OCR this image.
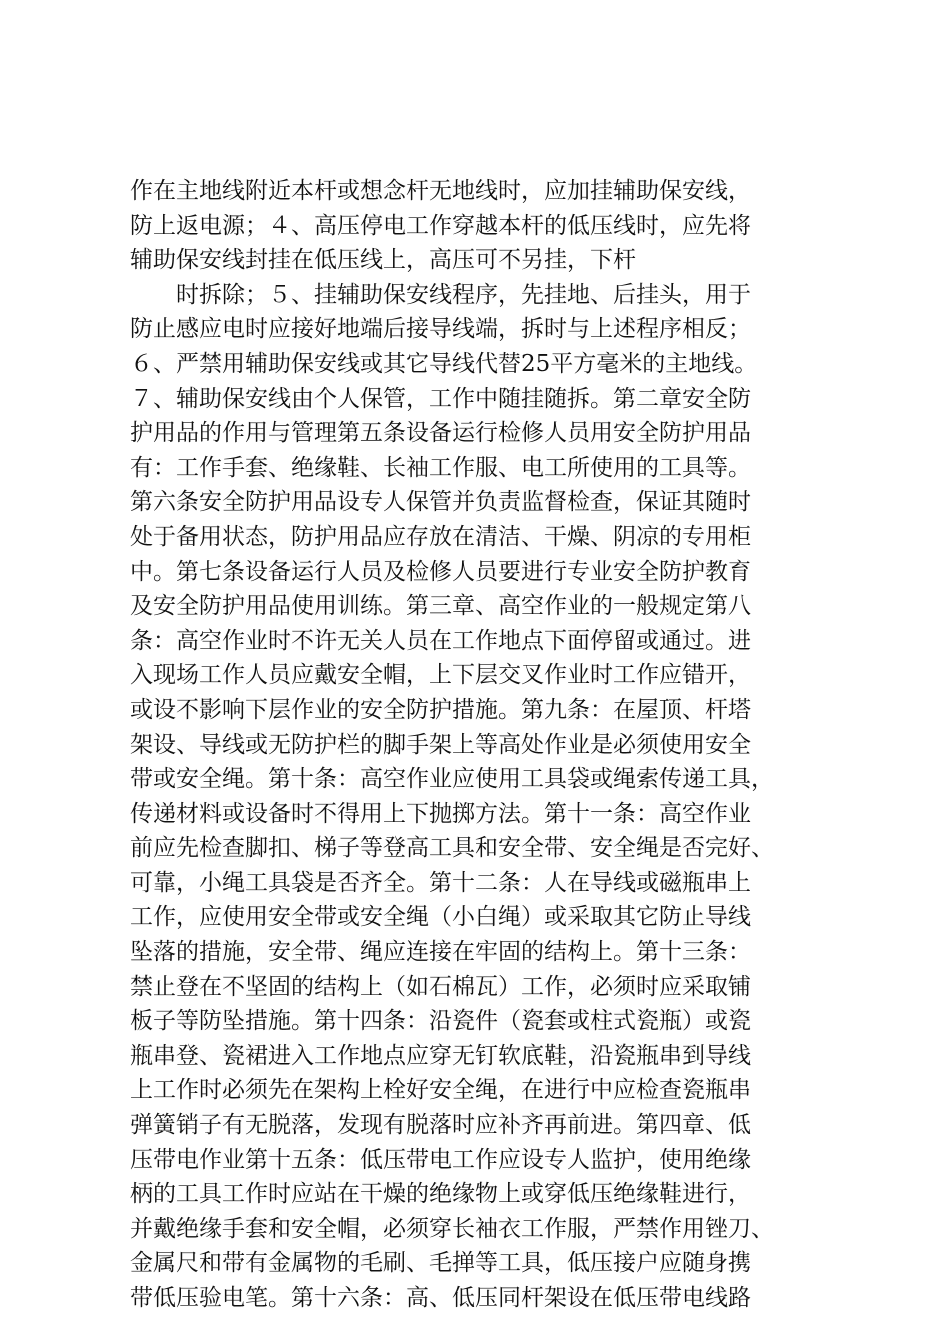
作在主地线附近本杆或想念杆无地线时，应加挂辅助保安线，
防上返电源；４、高压停电工作穿越本杆的低压线时，应先将
辅助保安线封挂在低压线上，高压可不另挂，下杆
时拆除；５、挂辅助保安线程序，先挂地、后挂头，用于
防止感应电时应接好地端后接导线端，拆时与上述程序相反；
６、严禁用辅助保安线或其它导线代替25平方毫米的主地线。
７、辅助保安线由个人保管，工作中随挂随拆。第二章安全防
护用品的作用与管理第五条设备运行检修人员用安全防护用品
有：工作手套、绝缘鞋、长袖工作服、电工所使用的工具等。
第六条安全防护用品设专人保管并负责监督检查，保证其随时
处于备用状态，防护用品应存放在清洁、干燥、阴凉的专用柜
中。第七条设备运行人员及检修人员要进行专业安全防护教育
及安全防护用品使用训练。第三章、高空作业的一般规定第八
条：高空作业时不许无关人员在工作地点下面停留或通过。进
入现场工作人员应戴安全帽，上下层交叉作业时工作应错开，
或设不影响下层作业的安全防护措施。第九条：在屋顶、杆塔
架设、导线或无防护栏的脚手架上等高处作业是必须使用安全
带或安全绳。第十条：高空作业应使用工具袋或绳索传递工具，
传递材料或设备时不得用上下抛掷方法。第十一条：高空作业
前应先检查脚扣、梯子等登高工具和安全带、安全绳是否完好、
可靠，小绳工具袋是否齐全。第十二条：人在导线或磁瓶串上
工作，应使用安全带或安全绳（小白绳）或采取其它防止导线
坠落的措施，安全带、绳应连接在牢固的结构上。第十三条：
禁止登在不坚固的结构上（如石棉瓦）工作，必须时应采取铺
板子等防坠措施。第十四条：沿瓷件（瓷套或柱式瓷瓶）或瓷
瓶串登、瓷裙进入工作地点应穿无钉软底鞋，沿瓷瓶串到导线
上工作时必须先在架构上栓好安全绳，在进行中应检查瓷瓶串
弹簧销子有无脱落，发现有脱落时应补齐再前进。第四章、低
压带电作业第十五条：低压带电工作应设专人监护，使用绝缘
柄的工具工作时应站在干燥的绝缘物上或穿低压绝缘鞋进行，
并戴绝缘手套和安全帽，必须穿长袖衣工作服，严禁作用锉刀、
金属尺和带有金属物的毛刷、毛掸等工具，低压接户应随身携
带低压验电笔。第十六条：高、低压同杆架设在低压带电线路
